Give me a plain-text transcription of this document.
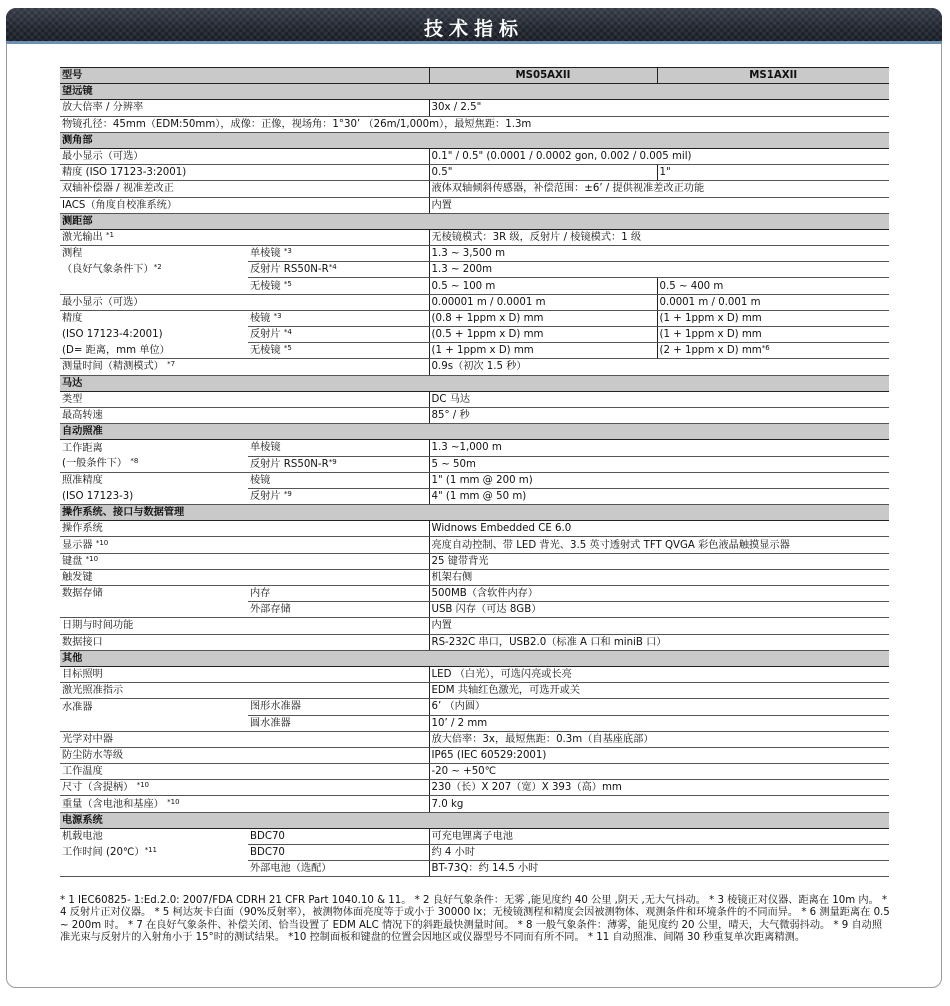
技术指标
型号		MS05AXII	MS1AXII
望远镜			
放大倍率 / 分辨率		30x / 2.5"	
物镜孔径：45mm（EDM:50mm），成像：正像，视场角：1°30’ （26m/1,000m），最短焦距：1.3m			
测角部			
最小显示（可选）		0.1" / 0.5" (0.0001 / 0.0002 gon, 0.002 / 0.005 mil)	
精度 (ISO 17123-3:2001)		0.5"	1"
双轴补偿器 / 视准差改正		液体双轴倾斜传感器，补偿范围：±6’ / 提供视准差改正功能	
IACS（角度自校准系统）		内置	
测距部			
激光输出 $^{*1}$		无棱镜模式：3R 级，反射片 / 棱镜模式：1 级	
测程	单棱镜 $^{*3}$	1.3 ~ 3,500 m	
（良好气象条件下）$^{*2}$	反射片 $RS50N-R^{*4}$	1.3 ~ 200m	
	无棱镜 $^{*5}$	0.5 ~ 100 m	0.5 ~ 400 m
最小显示（可选）		0.00001 m / 0.0001 m	0.0001 m / 0.001 m
精度	棱镜 $^{*3}$	(0.8 + 1ppm x D) mm	(1 + 1ppm x D) mm
(ISO 17123-4:2001)	反射片 $^{*4}$	(0.5 + 1ppm x D) mm	(1 + 1ppm x D) mm
(D= 距离，mm 单位）	无棱镜 $^{*5}$	(1 + 1ppm x D) mm	(2 + 1ppm x D) $mm^{*6}$
测量时间（精测模式） $^{*7}$		0.9s（初次 1.5 秒）	
马达			
类型		DC 马达	
最高转速		85° / 秒	
自动照准			
工作距离	单棱镜	1.3 ~1,000 m	
(一般条件下） $^{*8}$	反射片 $RS50N-R^{*9}$	5 ~ 50m	
照准精度	棱镜	1" (1 mm @ 200 m)	
(ISO 17123-3)	反射片 $^{*9}$	4" (1 mm @ 50 m)	
操作系统、接口与数据管理			
操作系统		Widnows Embedded CE 6.0	
显示器 $^{*10}$		亮度自动控制、带 LED 背光、3.5 英寸透射式 TFT QVGA 彩色液晶触摸显示器	
键盘 $^{*10}$		25 键带背光	
触发键		机架右侧	
数据存储	内存	500MB（含软件内存）	
	外部存储	USB 闪存（可达 8GB）	
日期与时间功能		内置	
数据接口		RS-232C 串口，USB2.0（标准 A 口和 miniB 口）	
其他			
目标照明		LED （白光），可选闪亮或长亮	
激光照准指示		EDM 共轴红色激光，可选开或关	
水准器	图形水准器	6’ （内圆）	
	圆水准器	10’ / 2 mm	
光学对中器		放大倍率：3x，最短焦距：0.3m（自基座底部）	
防尘防水等级		IP65 (IEC 60529:2001)	
工作温度		-20 ~ +50℃	
尺寸（含提柄） $^{*10}$		230（长）X 207（宽）X 393（高）mm	
重量（含电池和基座） $^{*10}$		7.0 kg	
电源系统			
机载电池	BDC70	可充电锂离子电池	
工作时间 (20℃）$^{*11}$	BDC70	约 4 小时	
	外部电池（选配）	BT-73Q：约 14.5 小时	
* 1 IEC60825- 1:Ed.2.0: 2007/FDA CDRH 21 CFR Part 1040.10 & 11。 * 2 良好气象条件：无雾 ,能见度约 40 公里 ,阴天 ,无大气抖动。 * 3 棱镜正对仪器、距离在 10m 内。 * 4 反射片正对仪器。 * 5 柯达灰卡白面（90%反射率），被测物体面亮度等于或小于 30000 lx；无棱镜测程和精度会因被测物体、观测条件和环境条件的不同而异。 * 6 测量距离在 0.5 ~ 200m 时。 * 7 在良好气象条件、补偿关闭、恰当设置了 EDM ALC 情况下的斜距最快测量时间。 * 8 一般气象条件：薄雾，能见度约 20 公里，晴天，大气微弱抖动。 * 9 自动照准光束与反射片的入射角小于 15°时的测试结果。 *10 控制面板和键盘的位置会因地区或仪器型号不同而有所不同。 * 11 自动照准、间隔 30 秒重复单次距离精测。
